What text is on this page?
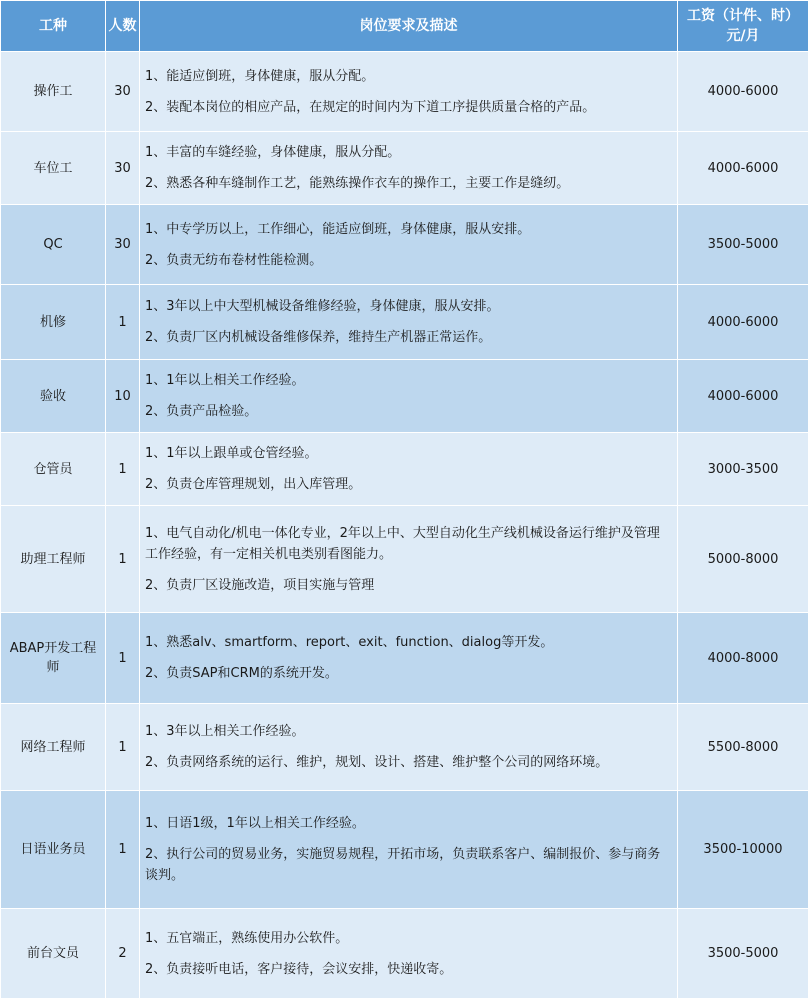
工种	人数	岗位要求及描述	工资（计件、时）
元/月
操作工	30	1、能适应倒班，身体健康，服从分配。

2、装配本岗位的相应产品，在规定的时间内为下道工序提供质量合格的产品。	4000-6000
车位工	30	1、丰富的车缝经验，身体健康，服从分配。

2、熟悉各种车缝制作工艺，能熟练操作衣车的操作工，主要工作是缝纫。	4000-6000
QC	30	1、中专学历以上，工作细心，能适应倒班，身体健康，服从安排。

2、负责无纺布卷材性能检测。	3500-5000
机修	1	1、3年以上中大型机械设备维修经验，身体健康，服从安排。

2、负责厂区内机械设备维修保养，维持生产机器正常运作。	4000-6000
验收	10	1、1年以上相关工作经验。

2、负责产品检验。	4000-6000
仓管员	1	1、1年以上跟单或仓管经验。

2、负责仓库管理规划，出入库管理。	3000-3500
助理工程师	1	1、电气自动化/机电一体化专业，2年以上中、大型自动化生产线机械设备运行维护及管理工作经验，有一定相关机电类别看图能力。

2、负责厂区设施改造，项目实施与管理	5000-8000
ABAP开发工程师	1	1、熟悉alv、smartform、report、exit、function、dialog等开发。

2、负责SAP和CRM的系统开发。	4000-8000
网络工程师	1	1、3年以上相关工作经验。

2、负责网络系统的运行、维护，规划、设计、搭建、维护整个公司的网络环境。	5500-8000
日语业务员	1	1、日语1级，1年以上相关工作经验。

2、执行公司的贸易业务，实施贸易规程，开拓市场，负责联系客户、编制报价、参与商务谈判。	3500-10000
前台文员	2	1、五官端正，熟练使用办公软件。

2、负责接听电话，客户接待，会议安排，快递收寄。	3500-5000
